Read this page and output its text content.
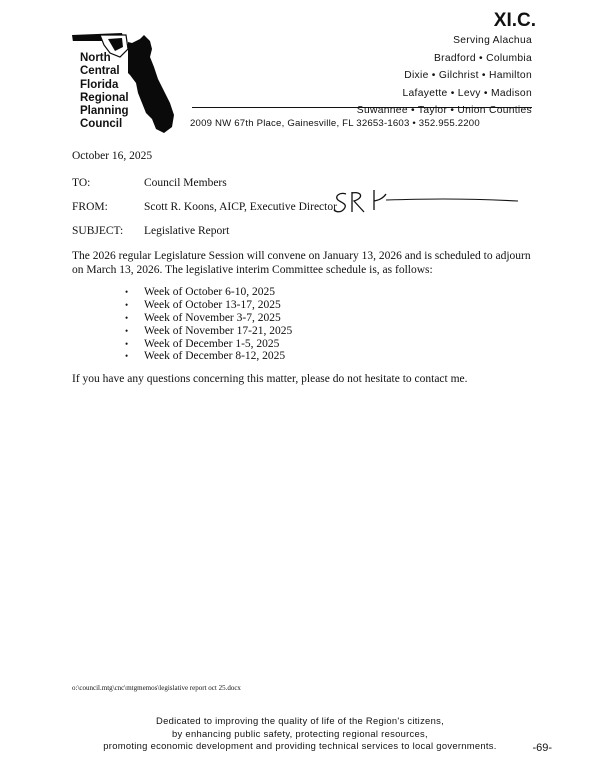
XI.C.
North
Central
Florida
Regional
Planning
Council
Serving Alachua
Bradford • Columbia
Dixie • Gilchrist • Hamilton
Lafayette • Levy • Madison
Suwannee • Taylor • Union Counties
2009 NW 67th Place, Gainesville, FL 32653-1603 • 352.955.2200
October 16, 2025
TO:	Council Members
FROM:	Scott R. Koons, AICP, Executive Director
SUBJECT: Legislative Report
The 2026 regular Legislature Session will convene on January 13, 2026 and is scheduled to adjourn on March 13, 2026. The legislative interim Committee schedule is, as follows:
• Week of October 6-10, 2025
• Week of October 13-17, 2025
• Week of November 3-7, 2025
• Week of November 17-21, 2025
• Week of December 1-5, 2025
• Week of December 8-12, 2025
If you have any questions concerning this matter, please do not hesitate to contact me.
o:\council.mtg\cnc\mtgmemos\legislative report oct 25.docx
Dedicated to improving the quality of life of the Region's citizens,
by enhancing public safety, protecting regional resources,
promoting economic development and providing technical services to local governments.	-69-
